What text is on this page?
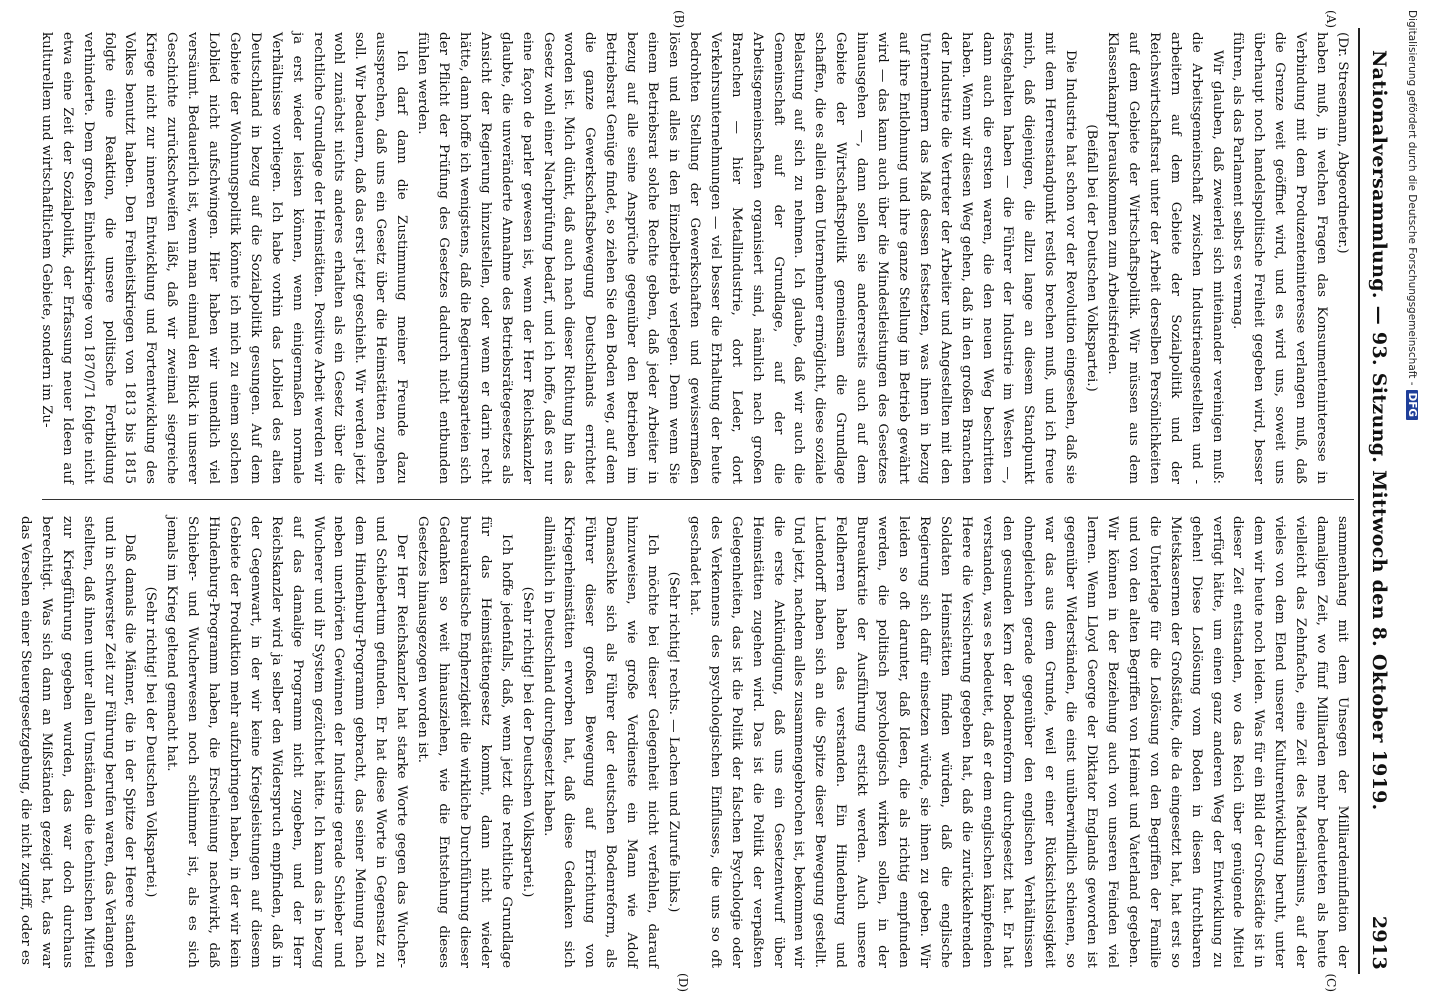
Nationalversammlung. — 93. Sitzung. Mittwoch den 8. Oktober 1919.
2913
(A)
(B)
(C)
(D)

(Dr. Stresemann, Abgeordneter.)

haben muß, in welchen Fragen das Konsumenteninteresse in Verbindung mit dem Produzenteninteresse verlangen muß, daß die Grenze weit geöffnet wird, und es wird uns, soweit uns überhaupt noch handelspolitische Freiheit gegeben wird, besser führen, als das Parlament selbst es vermag.

Wir glauben, daß zweierlei sich miteinander vereinigen muß: die Arbeitsgemeinschaft zwischen Industrieangestellten und -arbeitern auf dem Gebiete der Sozialpolitik und der Reichswirtschaftsrat unter der Arbeit derselben Persönlichkeiten auf dem Gebiete der Wirtschaftspolitik. Wir müssen aus dem Klassenkampf herauskommen zum Arbeitsfrieden.

(Beifall bei der Deutschen Volkspartei.)

Die Industrie hat schon vor der Revolution eingesehen, daß sie mit dem Herrenstandpunkt restlos brechen muß, und ich freue mich, daß diejenigen, die allzu lange an diesem Standpunkt festgehalten haben — die Führer der Industrie im Westen —, dann auch die ersten waren, die den neuen Weg beschritten haben. Wenn wir diesen Weg gehen, daß in den großen Branchen der Industrie die Vertreter der Arbeiter und Angestellten mit den Unternehmern das Maß dessen festsetzen, was ihnen in bezug auf ihre Entlohnung und ihre ganze Stellung im Betrieb gewährt wird — das kann auch über die Mindestleistungen des Gesetzes hinausgehen —, dann sollen sie andererseits auch auf dem Gebiete der Wirtschaftspolitik gemeinsam die Grundlage schaffen, die es allein dem Unternehmer ermöglicht, diese soziale Belastung auf sich zu nehmen. Ich glaube, daß wir auch die Gemeinschaft auf der Grundlage, auf der die Arbeitsgemeinschaften organisiert sind, nämlich nach großen Branchen — hier Metallindustrie, dort Leder, dort Verkehrsunternehmungen — viel besser die Erhaltung der heute bedrohten Stellung der Gewerkschaften und gewissermaßen lösen und alles in den Einzelbetrieb verlegen. Denn wenn Sie einem Betriebsrat solche Rechte geben, daß jeder Arbeiter in bezug auf alle seine Ansprüche gegenüber den Betrieben im Betriebsrat Genüge findet, so ziehen Sie den Boden weg, auf dem die ganze Gewerkschaftsbewegung Deutschlands errichtet worden ist. Mich dünkt, daß auch nach dieser Richtung hin das Gesetz wohl einer Nachprüfung bedarf, und ich hoffe, daß es nur eine façon de parler gewesen ist, wenn der Herr Reichskanzler glaubte, die unveränderte Annahme des Betriebsrätegesetzes als Ansicht der Regierung hinzustellen, oder wenn er darin recht hätte, dann hoffe ich wenigstens, daß die Regierungsparteien sich der Pflicht der Prüfung des Gesetzes dadurch nicht entbunden fühlen werden.

Ich darf dann die Zustimmung meiner Freunde dazu aussprechen, daß uns ein Gesetz über die Heimstätten zugehen soll. Wir bedauern, daß das erst jetzt geschieht. Wir werden jetzt wohl zunächst nichts anderes erhalten als ein Gesetz über die rechtliche Grundlage der Heimstätten. Positive Arbeit werden wir ja erst wieder leisten können, wenn einigermaßen normale Verhältnisse vorliegen. Ich habe vorhin das Loblied des alten Deutschland in bezug auf die Sozialpolitik gesungen. Auf dem Gebiete der Wohnungspolitik könnte ich mich zu einem solchen Loblied nicht aufschwingen. Hier haben wir unendlich viel versäumt. Bedauerlich ist, wenn man einmal den Blick in unserer Geschichte zurückschweifen läßt, daß wir zweimal siegreiche Kriege nicht zur inneren Entwicklung und Fortentwicklung des Volkes benutzt haben. Den Freiheitskriegen von 1813 bis 1815 folgte eine Reaktion, die unsere politische Fortbildung verhinderte. Dem großen Einheitskriege von 1870/71 folgte nicht etwa eine Zeit der Sozialpolitik, der Erfassung neuer Ideen auf kulturellem und wirtschaftlichem Gebiete, sondern im Zu-

sammenhang mit dem Unsegen der Milliardeninflation der damaligen Zeit, wo fünf Milliarden mehr bedeuteten als heute vielleicht das Zehnfache, eine Zeit des Materialismus, auf der vieles von dem Elend unserer Kulturentwicklung beruht, unter dem wir heute noch leiden. Was für ein Bild der Großstädte ist in dieser Zeit entstanden, wo das Reich über genügende Mittel verfügt hätte, um einen ganz anderen Weg der Entwicklung zu gehen! Diese Loslösung vom Boden in diesen furchtbaren Mietskasernen der Großstädte, die da eingesetzt hat, hat erst so die Unterlage für die Loslösung von den Begriffen der Familie und von den alten Begriffen von Heimat und Vaterland gegeben. Wir können in der Beziehung auch von unseren Feinden viel lernen. Wenn Lloyd George der Diktator Englands geworden ist gegenüber Widerständen, die einst unüberwindlich schienen, so war das aus dem Grunde, weil er einer Rücksichtslosigkeit ohnegleichen gerade gegenüber den englischen Verhältnissen den gesunden Kern der Bodenreform durchgesetzt hat. Er hat verstanden, was es bedeutet, daß er dem englischen kämpfenden Heere die Versicherung gegeben hat, daß die zurückkehrenden Soldaten Heimstätten finden würden, daß die englische Regierung sich dafür einsetzen würde, sie ihnen zu geben. Wir leiden so oft darunter, daß Ideen, die als richtig empfunden werden, die politisch psychologisch wirken sollen, in der Bureaukratie der Ausführung erstickt werden. Auch unsere Feldherren haben das verstanden. Ein Hindenburg und Ludendorff haben sich an die Spitze dieser Bewegung gestellt. Und jetzt, nachdem alles zusammengebrochen ist, bekommen wir die erste Ankündigung, daß uns ein Gesetzentwurf über Heimstätten zugehen wird. Das ist die Politik der verpaßten Gelegenheiten, das ist die Politik der falschen Psychologie oder des Verkennens des psychologischen Einflusses, die uns so oft geschadet hat.

(Sehr richtig! rechts. — Lachen und Zurufe links.)

Ich möchte bei dieser Gelegenheit nicht verfehlen, darauf hinzuweisen, wie große Verdienste ein Mann wie Adolf Damaschke sich als Führer der deutschen Bodenreform, als Führer dieser großen Bewegung auf Errichtung von Kriegerheimstätten erworben hat, daß diese Gedanken sich allmählich in Deutschland durchgesetzt haben.

(Sehr richtig! bei der Deutschen Volkspartei.)

Ich hoffe jedenfalls, daß, wenn jetzt die rechtliche Grundlage für das Heimstättengesetz kommt, dann nicht wieder bureaukratische Engherzigkeit die wirkliche Durchführung dieser Gedanken so weit hinausziehen, wie die Entstehung dieses Gesetzes hinausgezogen worden ist.

Der Herr Reichskanzler hat starke Worte gegen das Wucher- und Schiebertum gefunden. Er hat diese Worte in Gegensatz zu dem Hindenburg-Programm gebracht, das seiner Meinung nach neben unerhörten Gewinnen der Industrie gerade Schieber und Wucherer und ihr System gezüchtet hätte. Ich kann das in bezug auf das damalige Programm nicht zugeben, und der Herr Reichskanzler wird ja selber den Widerspruch empfinden, daß in der Gegenwart, in der wir keine Kriegsleistungen auf diesem Gebiete der Produktion mehr aufzubringen haben, in der wir kein Hindenburg-Programm haben, die Erscheinung nachwirkt, daß Schieber- und Wucherwesen noch schlimmer ist, als es sich jemals im Krieg geltend gemacht hat.

(Sehr richtig! bei der Deutschen Volkspartei.)

Daß damals die Männer, die in der Spitze der Heere standen und in schwerster Zeit zur Führung berufen waren, das Verlangen stellten, daß ihnen unter allen Umständen die technischen Mittel zur Kriegführung gegeben wurden, das war doch durchaus berechtigt. Was sich dann an Mißständen gezeigt hat, das war das Versehen einer Steuergesetzgebung, die nicht zugriff, oder es

Digitalisierung gefördert durch die Deutsche Forschungsgemeinschaft -DFG
